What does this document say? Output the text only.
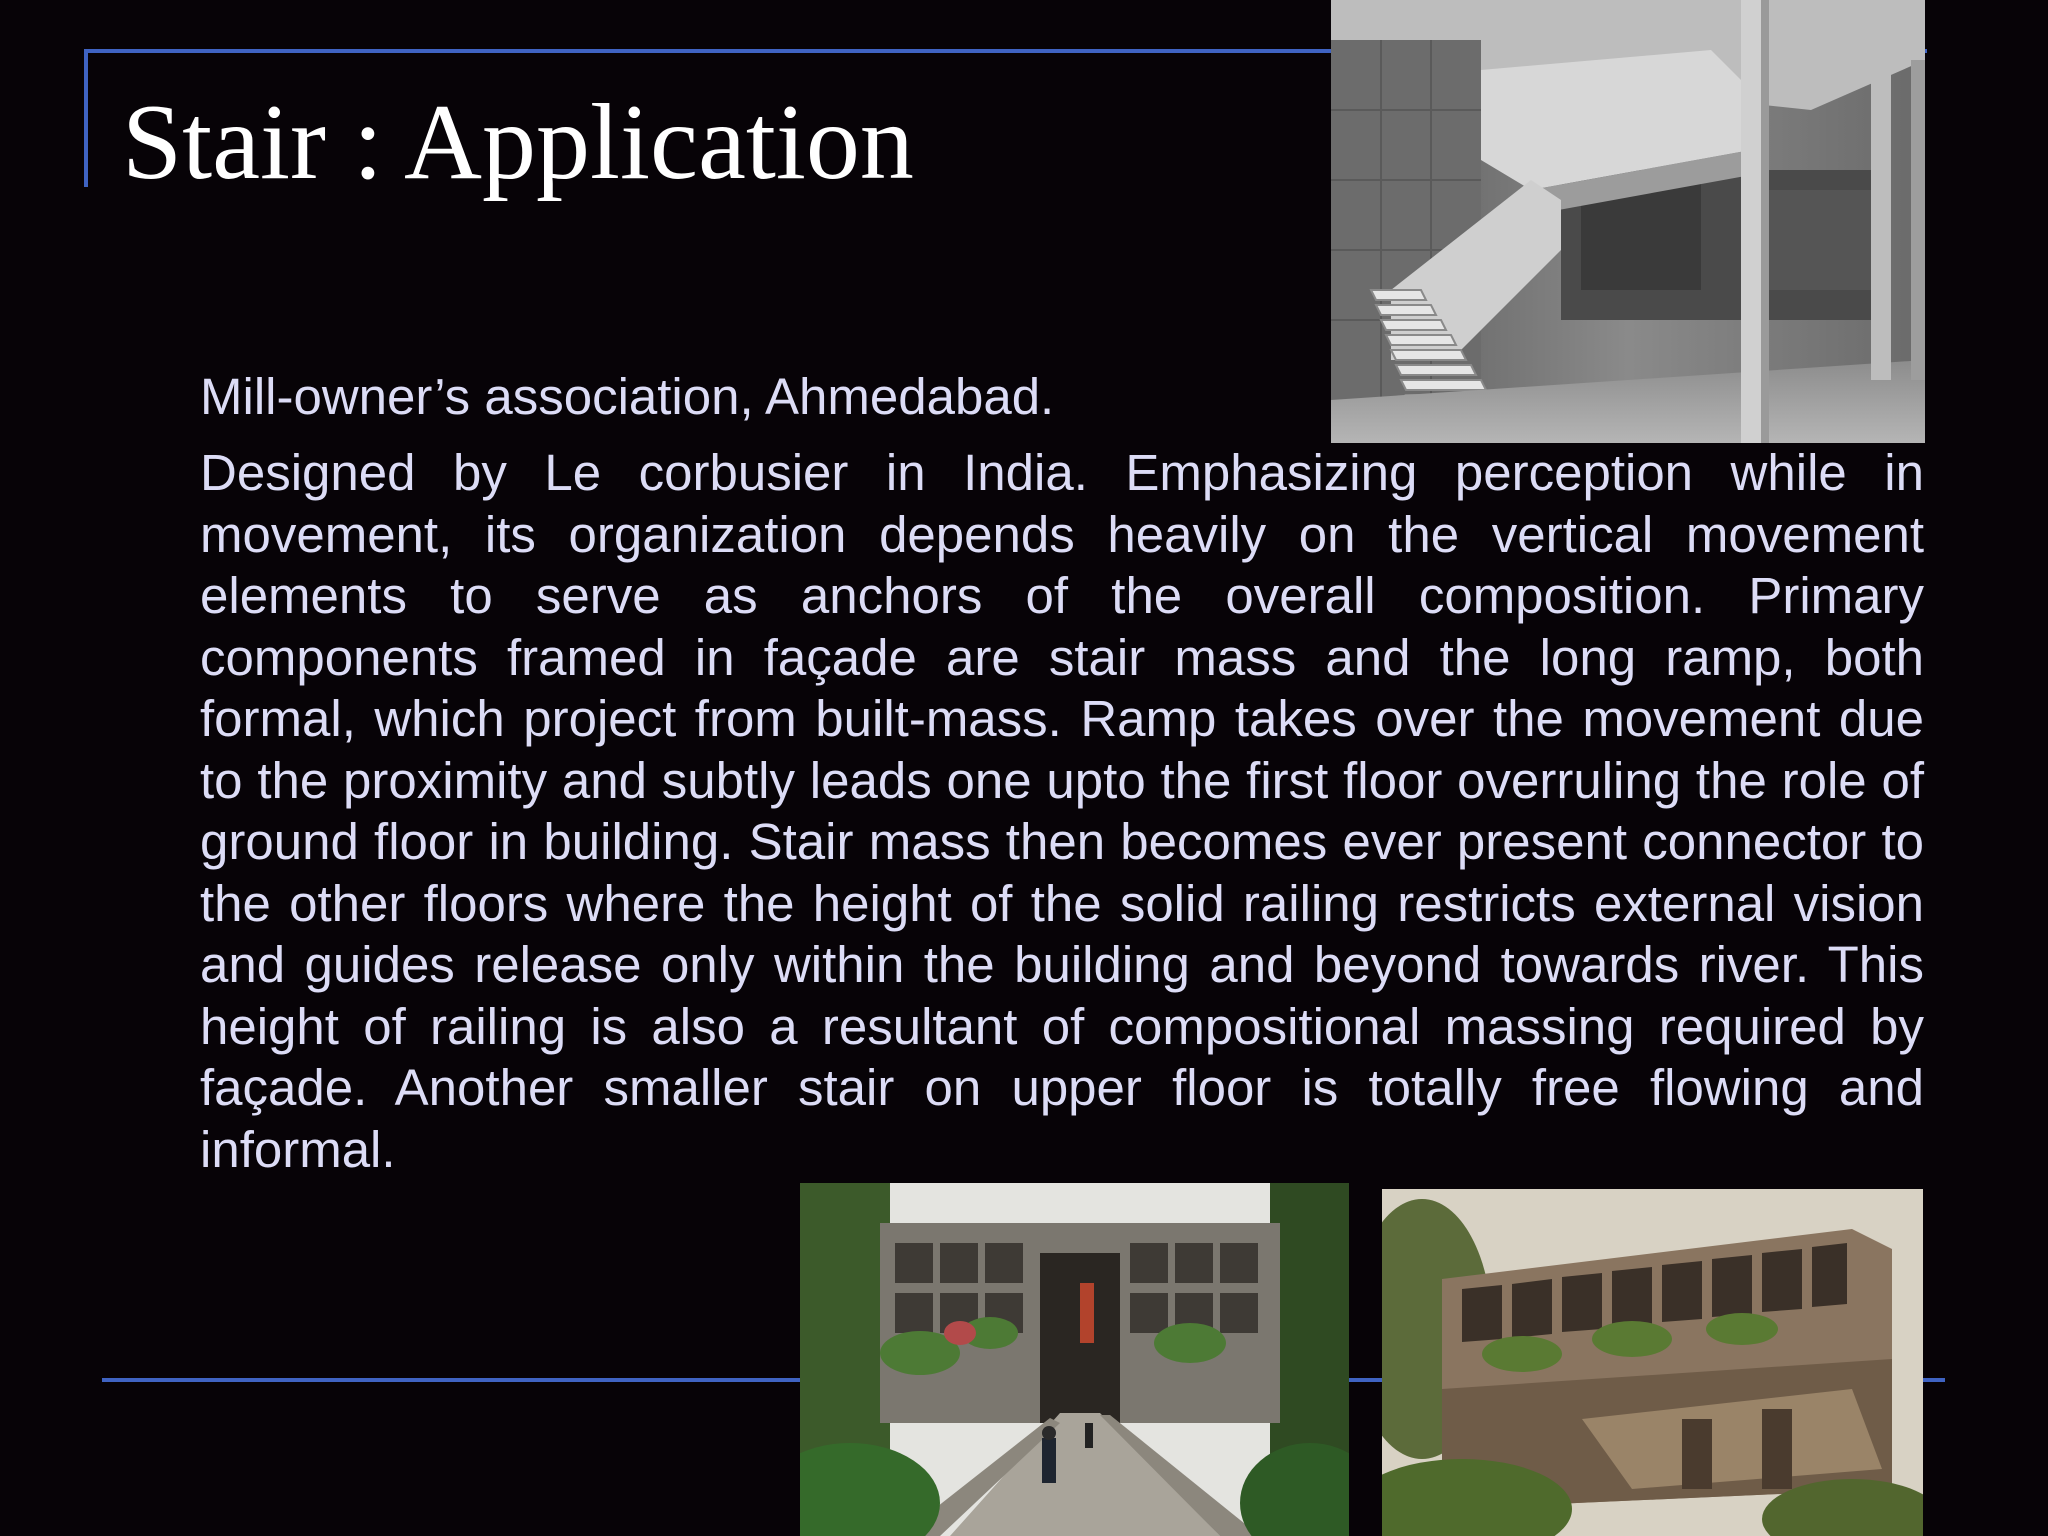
Stair : Application

Mill-owner’s association, Ahmedabad.

Designed by Le corbusier in India. Emphasizing perception while in movement, its organization depends heavily on the vertical movement elements to serve as anchors of the overall composition. Primary components framed in façade are stair mass and the long ramp, both formal, which project from built-mass. Ramp takes over the movement due to the proximity and subtly leads one upto the first floor overruling the role of ground floor in building. Stair mass then becomes ever present connector to the other floors where the height of the solid railing restricts external vision and guides release only within the building and beyond towards river. This height of railing is also a resultant of compositional massing required by façade. Another smaller stair on upper floor is totally free flowing and informal.
